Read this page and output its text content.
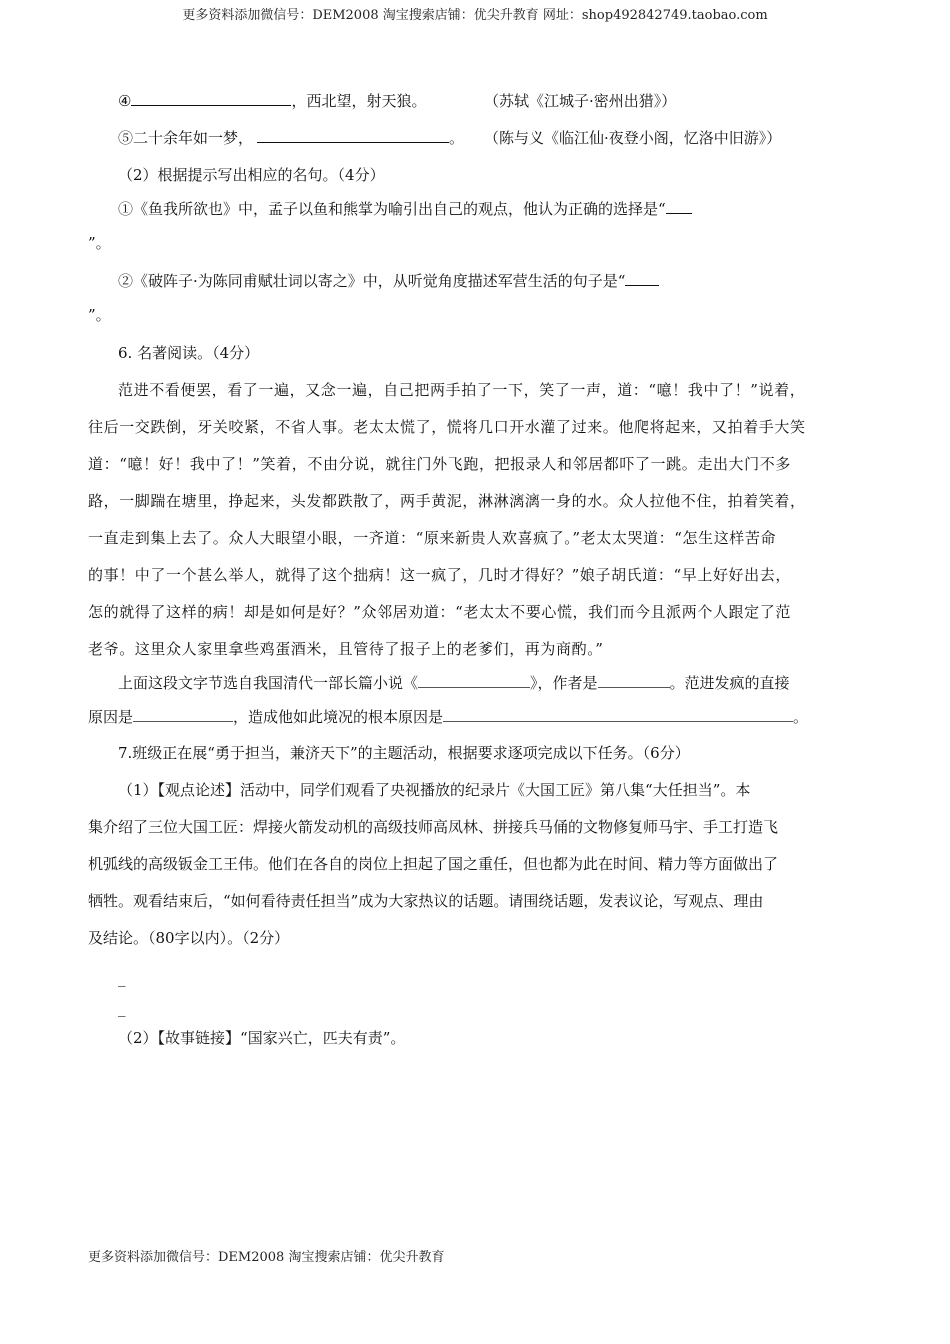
更多资料添加微信号：DEM2008 淘宝搜索店铺：优尖升教育 网址：shop492842749.taobao.com
④	，西北望，射天狼。	（苏轼《江城子·密州出猎》）
⑤二十余年如一梦，	。 （陈与义《临江仙·夜登小阁，忆洛中旧游》）
（2）根据提示写出相应的名句。（4分）
①《鱼我所欲也》中，孟子以鱼和熊掌为喻引出自己的观点，他认为正确的选择是“
”。
②《破阵子·为陈同甫赋壮词以寄之》中，从听觉角度描述军营生活的句子是“
”。
6. 名著阅读。（4分）
范进不看便罢，看了一遍，又念一遍，自己把两手拍了一下，笑了一声，道：“噫！我中了！”说着，
往后一交跌倒，牙关咬紧，不省人事。老太太慌了，慌将几口开水灌了过来。他爬将起来，又拍着手大笑
道：“噫！好！我中了！”笑着，不由分说，就往门外飞跑，把报录人和邻居都吓了一跳。走出大门不多
路，一脚踹在塘里，挣起来，头发都跌散了，两手黄泥，淋淋漓漓一身的水。众人拉他不住，拍着笑着，
一直走到集上去了。众人大眼望小眼，一齐道：“原来新贵人欢喜疯了。”老太太哭道：“怎生这样苦命
的事！中了一个甚么举人，就得了这个拙病！这一疯了，几时才得好？”娘子胡氏道：“早上好好出去，
怎的就得了这样的病！却是如何是好？”众邻居劝道：“老太太不要心慌，我们而今且派两个人跟定了范
老爷。这里众人家里拿些鸡蛋酒米，且管待了报子上的老爹们，再为商酌。”
上面这段文字节选自我国清代一部长篇小说《	》，作者是	。范进发疯的直接
原因是	，造成他如此境况的根本原因是	。
7.班级正在展“勇于担当，兼济天下”的主题活动，根据要求逐项完成以下任务。（6分）
（1）【观点论述】活动中，同学们观看了央视播放的纪录片《大国工匠》第八集“大任担当”。本
集介绍了三位大国工匠：焊接火箭发动机的高级技师高凤林、拼接兵马俑的文物修复师马宇、手工打造飞
机弧线的高级钣金工王伟。他们在各自的岗位上担起了国之重任，但也都为此在时间、精力等方面做出了
牺牲。观看结束后，“如何看待责任担当”成为大家热议的话题。请围绕话题，发表议论，写观点、理由
及结论。（80字以内）。（2分）
_
_
（2）【故事链接】“国家兴亡，匹夫有责”。
更多资料添加微信号：DEM2008 淘宝搜索店铺：优尖升教育
